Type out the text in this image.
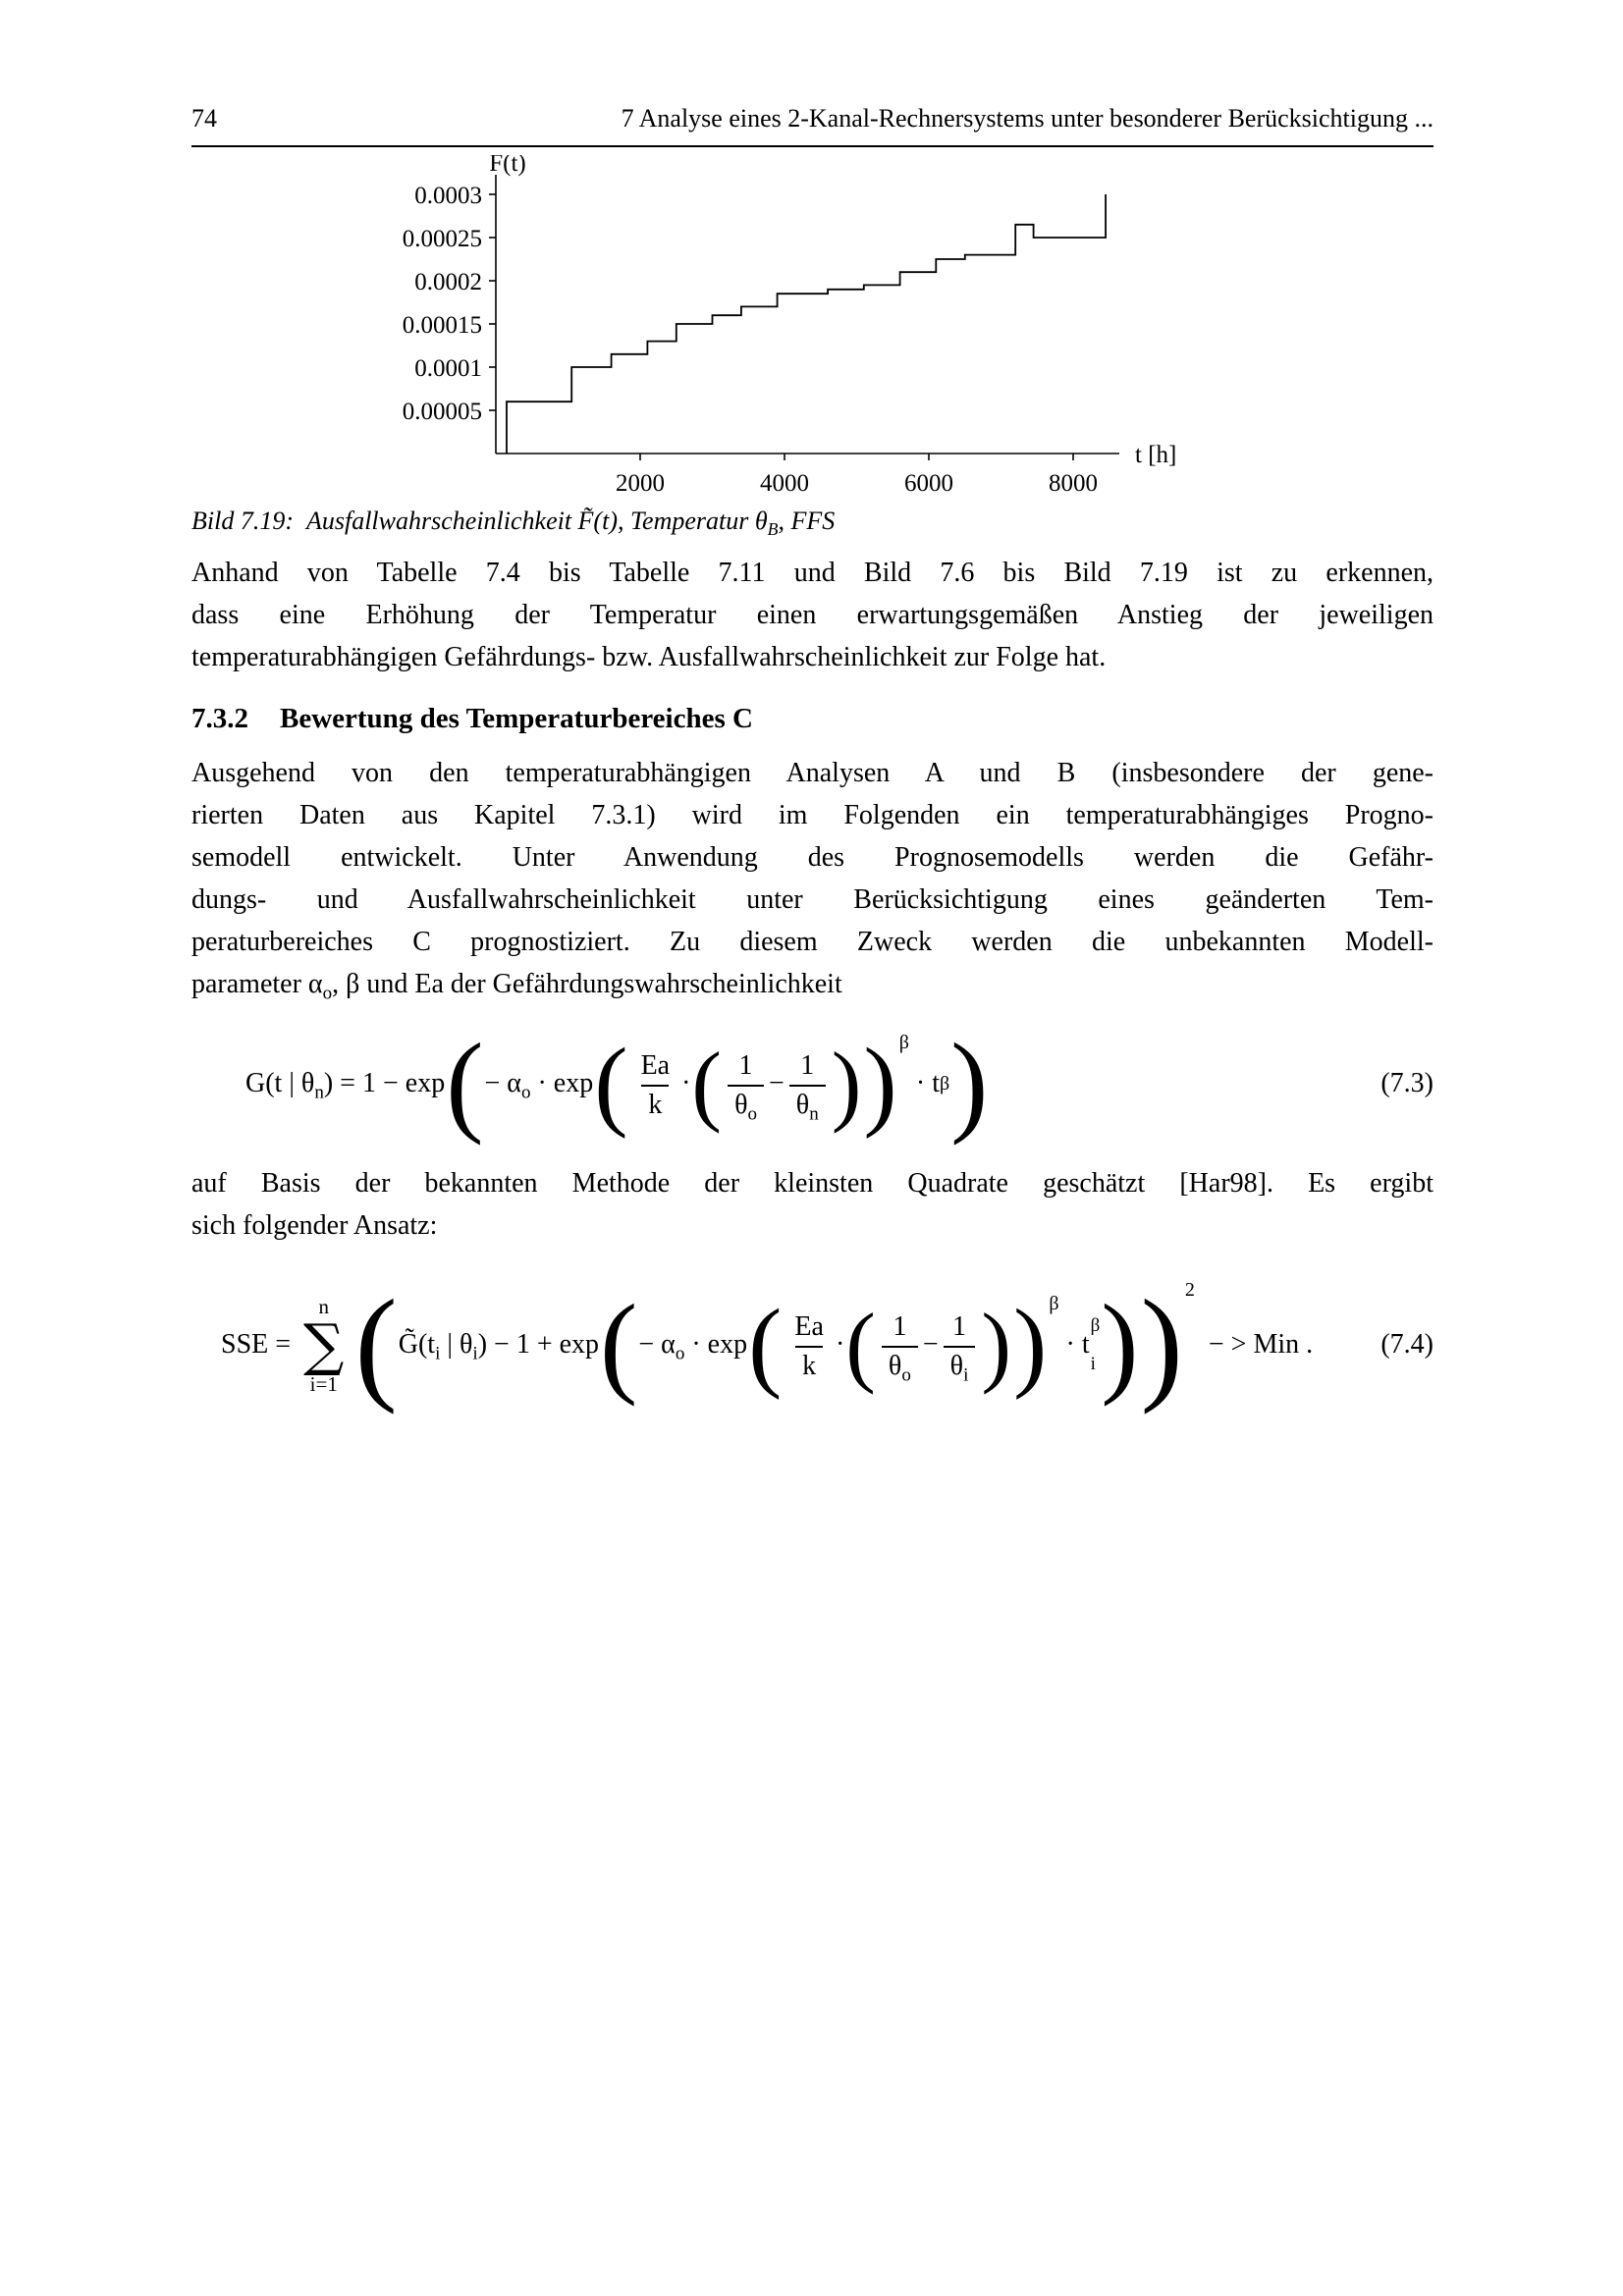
74	7 Analyse eines 2-Kanal-Rechnersystems unter besonderer Berücksichtigung ...
0.00005
0.0001
0.00015
0.0002
0.00025
0.0003
2000	4000	6000	8000
F̃(t)
t [h]
Bild 7.19:  Ausfallwahrscheinlichkeit F̃(t), Temperatur $\theta_B$, FFS
Anhand von Tabelle 7.4 bis Tabelle 7.11 und Bild 7.6 bis Bild 7.19 ist zu erkennen,
dass eine Erhöhung der Temperatur einen erwartungsgemäßen Anstieg der jeweiligen
temperaturabhängigen Gefährdungs- bzw. Ausfallwahrscheinlichkeit zur Folge hat.
7.3.2	Bewertung des Temperaturbereiches C
Ausgehend von den temperaturabhängigen Analysen A und B (insbesondere der gene-
rierten Daten aus Kapitel 7.3.1) wird im Folgenden ein temperaturabhängiges Progno-
semodell entwickelt. Unter Anwendung des Prognosemodells werden die Gefähr-
dungs- und Ausfallwahrscheinlichkeit unter Berücksichtigung eines geänderten Tem-
peraturbereiches C prognostiziert. Zu diesem Zweck werden die unbekannten Modell-
parameter $\alpha_o$, β und Ea der Gefährdungswahrscheinlichkeit
G(t | $\theta_n) = 1 - \exp$ ( − $\alpha_o \cdot \exp$ ( $\frac{Ea}{k}$ · ( $\frac{1}{\theta_o} - \frac{1}{\theta_n}$ ) ) β
· t β )	(7.3)
auf Basis der bekannten Methode der kleinsten Quadrate geschätzt [Har98]. Es ergibt
sich folgender Ansatz:
SSE =
n
∑
i=1 ( $G̃(t_i$ | $\theta_i) - 1 + \exp$ ( − $\alpha_o \cdot \exp$ ( $\frac{Ea}{k}$ · ( $\frac{1}{\theta_o} - \frac{1}{\theta_i}$ ) ) β
· t
β
i ) ) 2
− > Min . (7.4)
